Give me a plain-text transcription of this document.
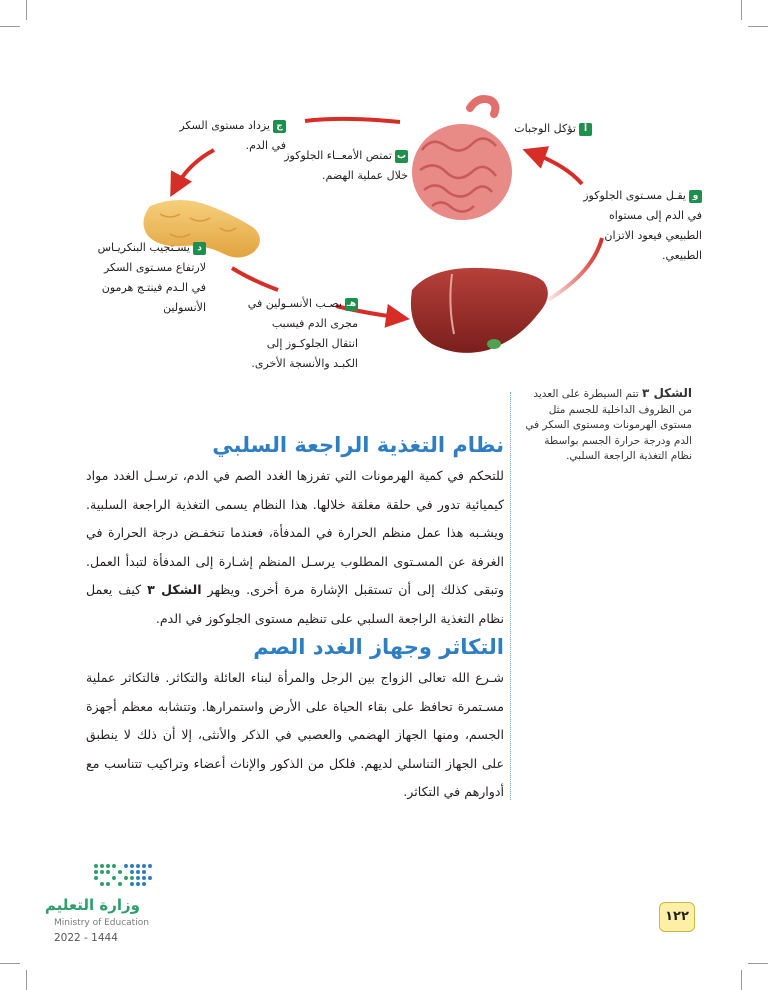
أتؤكل الوجبات
بتمتص الأمعــاء الجلوكوز خلال عملية الهضم.
جيزداد مستوى السكر في الدم.
ديسـتجيب البنكريـاس لارتفاع مسـتوى السكر في الـدم فينتـج هرمون الأنسولين	هـيصـب الأنسـولين في مجرى الدم فيسبب انتقال الجلوكـوز إلى الكبـد والأنسجة الأخرى.
ويقـل مسـتوى الجلوكوز في الدم إلى مستواه الطبيعي فيعود الاتزان الطبيعي.
الشكل ٣ تتم السيطرة على العديد من الظروف الداخلية للجسم مثل مستوى الهرمونات ومستوى السكر في الدم ودرجة حرارة الجسم بواسطة نظام التغذية الراجعة السلبي.
نظام التغذية الراجعة السلبي
للتحكم في كمية الهرمونات التي تفرزها الغدد الصم في الدم، ترسـل الغدد مواد كيميائية تدور في حلقة مغلقة خلالها. هذا النظام يسمى التغذية الراجعة السلبية. ويشـبه هذا عمل منظم الحرارة في المدفأة، فعندما تنخفـض درجة الحرارة في الغرفة عن المسـتوى المطلوب يرسـل المنظم إشـارة إلى المدفأة لتبدأ العمل. وتبقى كذلك إلى أن تستقبل الإشارة مرة أخرى. ويظهر الشكل ٣ كيف يعمل نظام التغذية الراجعة السلبي على تنظيم مستوى الجلوكوز في الدم.
التكاثر وجهاز الغدد الصم
شـرع الله تعالى الزواج بين الرجل والمرأة لبناء العائلة والتكاثر. فالتكاثر عملية مسـتمرة تحافظ على بقاء الحياة على الأرض واستمرارها. وتتشابه معظم أجهزة الجسم، ومنها الجهاز الهضمي والعصبي في الذكر والأنثى، إلا أن ذلك لا ينطبق على الجهاز التناسلي لديهم. فلكل من الذكور والإناث أعضاء وتراكيب تتناسب مع أدوارهم في التكاثر.
١٢٢
وزارة التعليم
Ministry of Education
2022 - 1444
